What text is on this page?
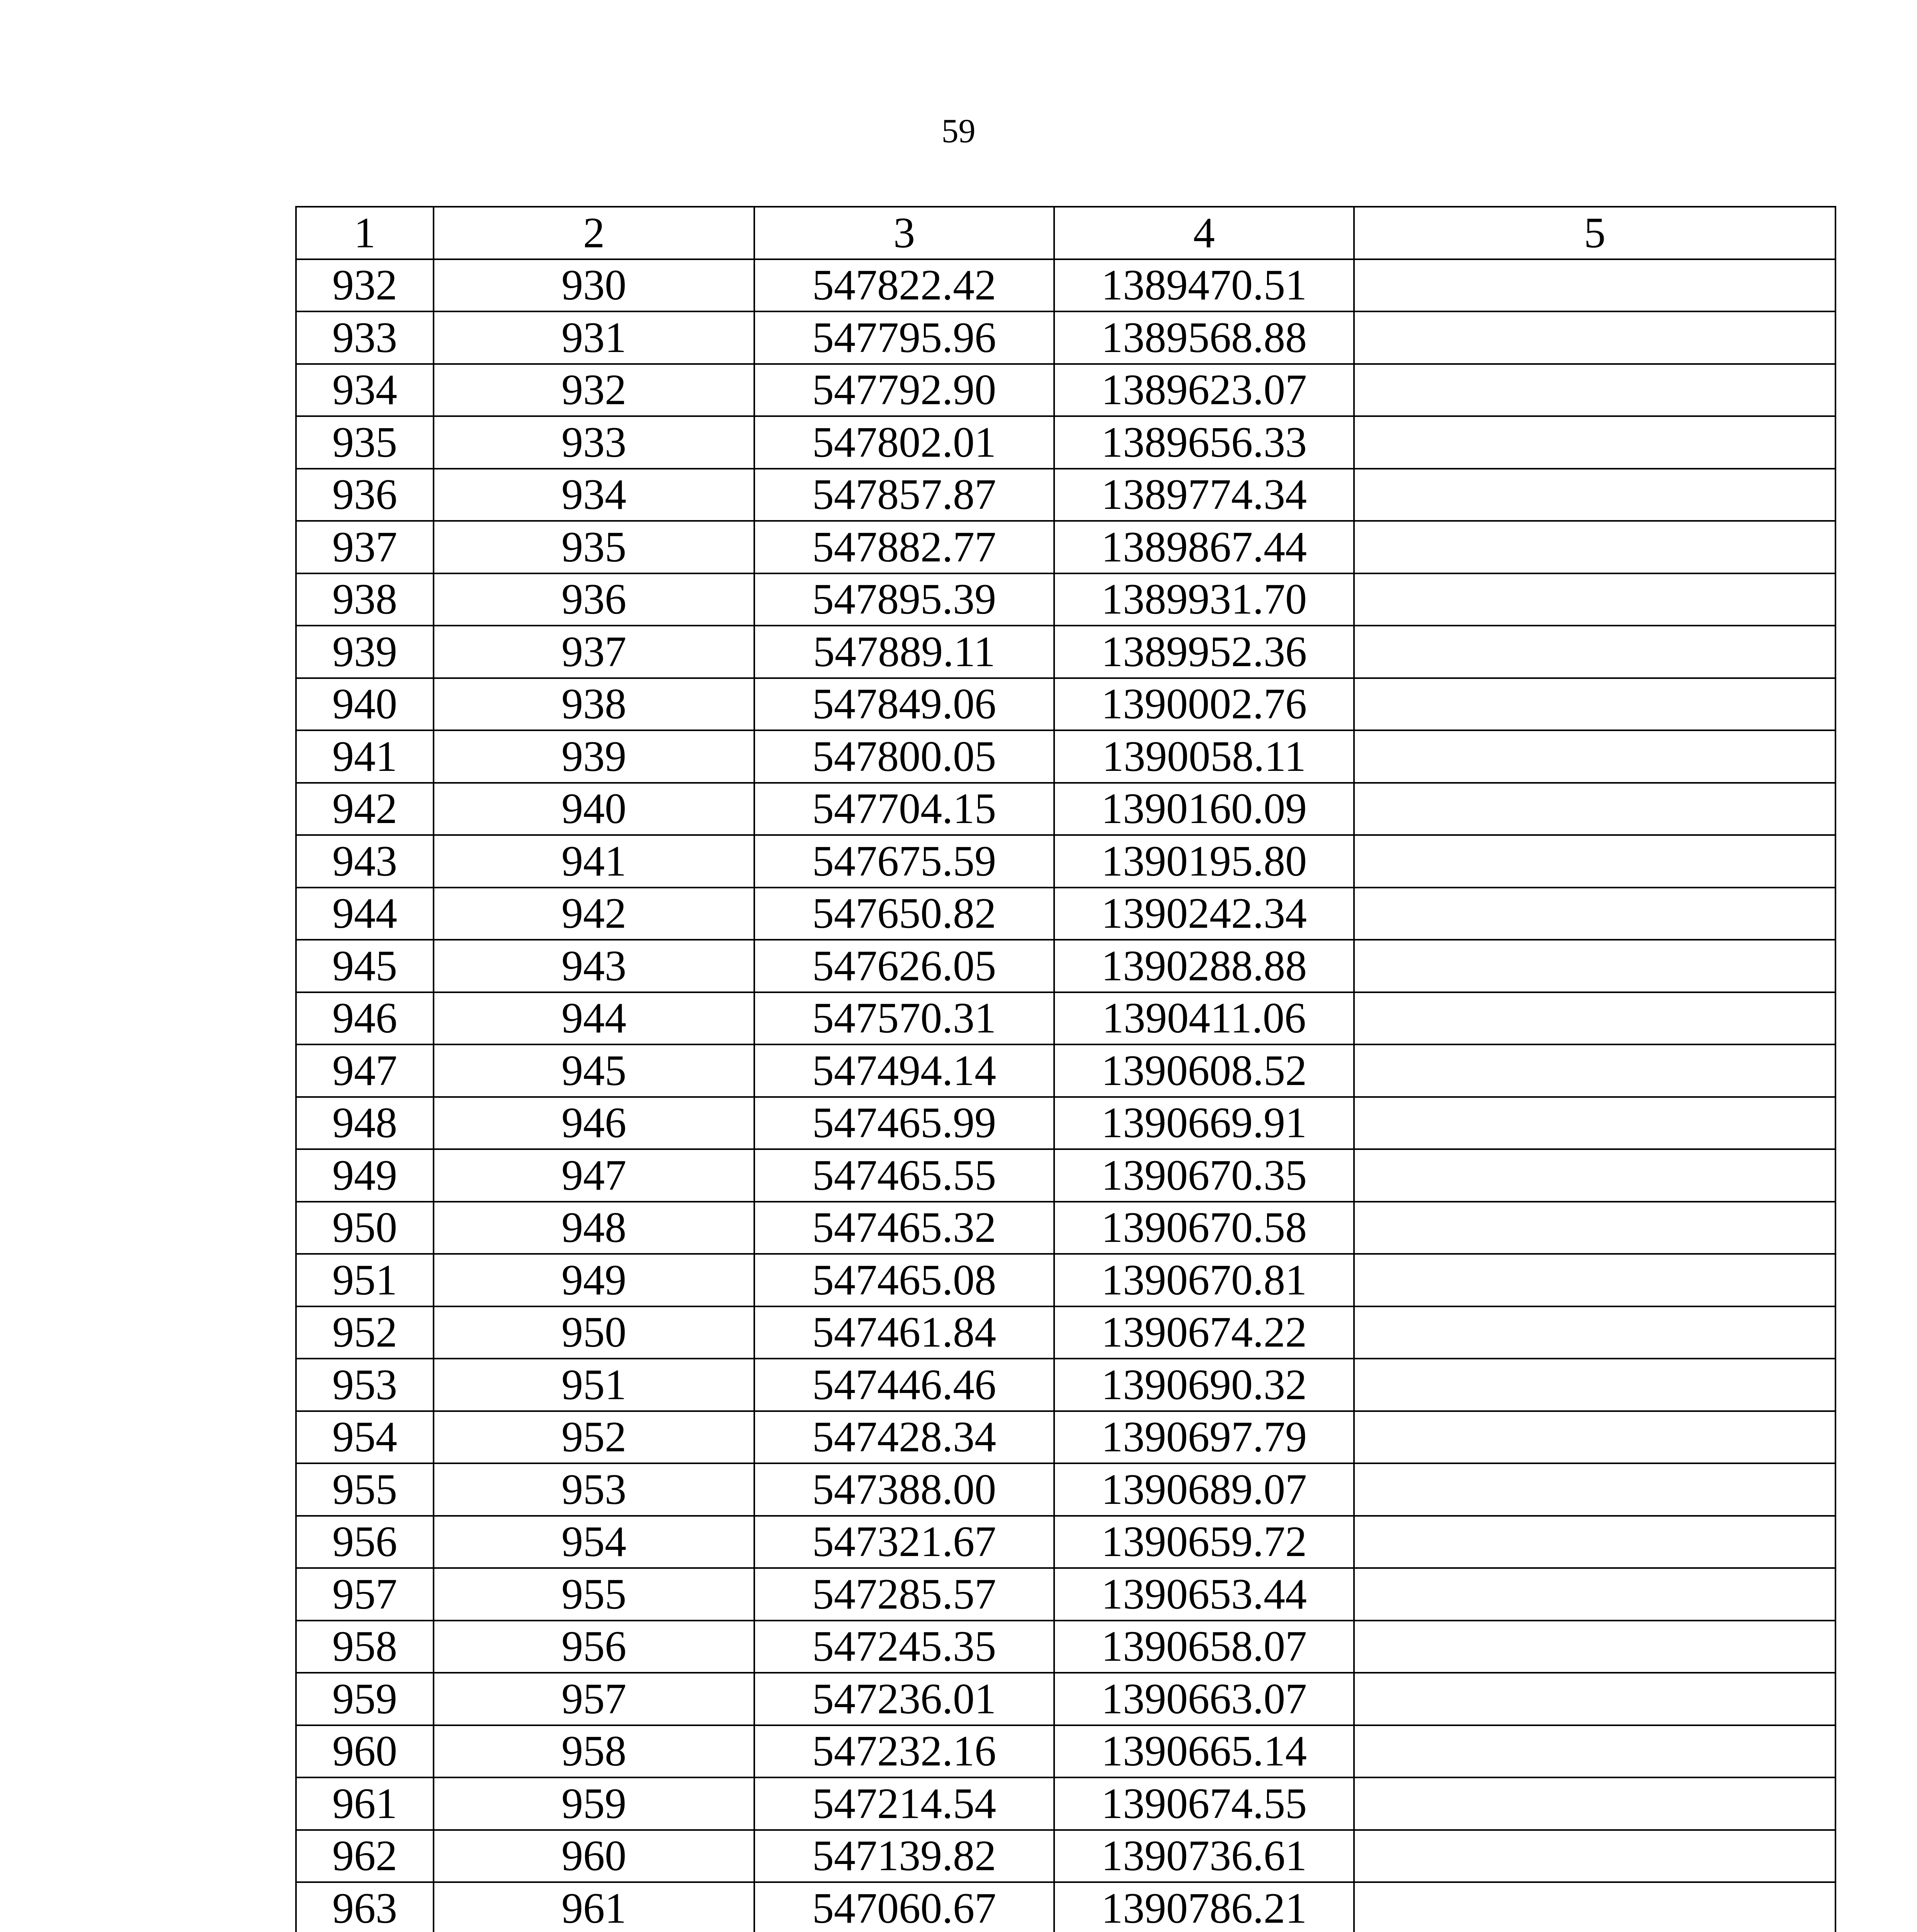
59
1	2	3	4	5
932	930	547822.42	1389470.51	
933	931	547795.96	1389568.88	
934	932	547792.90	1389623.07	
935	933	547802.01	1389656.33	
936	934	547857.87	1389774.34	
937	935	547882.77	1389867.44	
938	936	547895.39	1389931.70	
939	937	547889.11	1389952.36	
940	938	547849.06	1390002.76	
941	939	547800.05	1390058.11	
942	940	547704.15	1390160.09	
943	941	547675.59	1390195.80	
944	942	547650.82	1390242.34	
945	943	547626.05	1390288.88	
946	944	547570.31	1390411.06	
947	945	547494.14	1390608.52	
948	946	547465.99	1390669.91	
949	947	547465.55	1390670.35	
950	948	547465.32	1390670.58	
951	949	547465.08	1390670.81	
952	950	547461.84	1390674.22	
953	951	547446.46	1390690.32	
954	952	547428.34	1390697.79	
955	953	547388.00	1390689.07	
956	954	547321.67	1390659.72	
957	955	547285.57	1390653.44	
958	956	547245.35	1390658.07	
959	957	547236.01	1390663.07	
960	958	547232.16	1390665.14	
961	959	547214.54	1390674.55	
962	960	547139.82	1390736.61	
963	961	547060.67	1390786.21	
